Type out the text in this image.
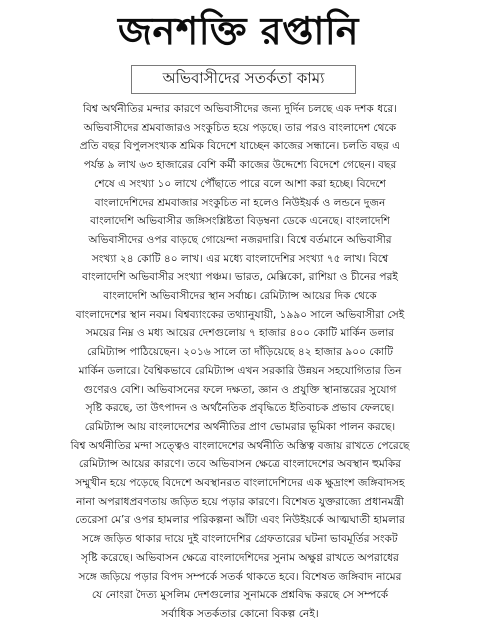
জনশক্তি রপ্তানি
অভিবাসীদের সতর্কতা কাম্য
বিশ্ব অর্থনীতির মন্দার কারণে অভিবাসীদের জন্য দুর্দিন চলছে এক দশক ধরে।
অভিবাসীদের শ্রমবাজারও সংকুচিত হয়ে পড়ছে। তার পরও বাংলাদেশ থেকে
প্রতি বছর বিপুলসংখ্যক শ্রমিক বিদেশে যাচ্ছেন কাজের সন্ধানে। চলতি বছর এ
পর্যন্ত ৯ লাখ ৬৩ হাজারের বেশি কর্মী কাজের উদ্দেশ্যে বিদেশে গেছেন। বছর
শেষে এ সংখ্যা ১০ লাখে পৌঁছাতে পারে বলে আশা করা হচ্ছে। বিদেশে
বাংলাদেশিদের শ্রমবাজার সংকুচিত না হলেও নিউইয়র্ক ও লন্ডনে দুজন
বাংলাদেশি অভিবাসীর জঙ্গিসংশ্লিষ্টতা বিড়ম্বনা ডেকে এনেছে। বাংলাদেশি
অভিবাসীদের ওপর বাড়ছে গোয়েন্দা নজরদারি। বিশ্বে বর্তমানে অভিবাসীর
সংখ্যা ২৪ কোটি ৪০ লাখ। এর মধ্যে বাংলাদেশির সংখ্যা ৭৫ লাখ। বিশ্বে
বাংলাদেশি অভিবাসীর সংখ্যা পঞ্চম। ভারত, মেক্সিকো, রাশিয়া ও চীনের পরই
বাংলাদেশি অভিবাসীদের স্থান সর্বাচ্চ। রেমিট্যান্স আয়ের দিক থেকে
বাংলাদেশের স্থান নবম। বিশ্বব্যাংকের তথ্যানুযায়ী, ১৯৯০ সালে অভিবাসীরা সেই
সময়ের নিম্ন ও মধ্য আয়ের দেশগুলোয় ৭ হাজার ৪০০ কোটি মার্কিন ডলার
রেমিট্যান্স পাঠিয়েছেন। ২০১৬ সালে তা দাঁড়িয়েছে ৪২ হাজার ৯০০ কোটি
মার্কিন ডলারে। বৈশ্বিকভাবে রেমিট্যান্স এখন সরকারি উন্নয়ন সহযোগিতার তিন
গুণেরও বেশি। অভিবাসনের ফলে দক্ষতা, জ্ঞান ও প্রযুক্তি স্থানান্তরের সুযোগ
সৃষ্টি করছে, তা উৎপাদন ও অর্থনৈতিক প্রবৃদ্ধিতে ইতিবাচক প্রভাব ফেলছে।
রেমিট্যান্স আয় বাংলাদেশের অর্থনীতির প্রাণ ভোমরার ভূমিকা পালন করছে।
বিশ্ব অর্থনীতির মন্দা সত্ত্বেও বাংলাদেশের অর্থনীতি অস্তিত্ব বজায় রাখতে পেরেছে
রেমিট্যান্স আয়ের কারণে। তবে অভিবাসন ক্ষেত্রে বাংলাদেশের অবস্থান হুমকির
সম্মুখীন হয়ে পড়েছে বিদেশে অবস্থানরত বাংলাদেশিদের এক ক্ষুদ্রাংশ জঙ্গিবাদসহ
নানা অপরাধপ্রবণতায় জড়িত হয়ে পড়ার কারণে। বিশেষত যুক্তরাজ্যে প্রধানমন্ত্রী
তেরেসা মে’র ওপর হামলার পরিকল্পনা আঁটা এবং নিউইয়র্কে আত্মঘাতী হামলার
সঙ্গে জড়িত থাকার দায়ে দুই বাংলাদেশির গ্রেফতারের ঘটনা ভাবমূর্তির সংকট
সৃষ্টি করেছে। অভিবাসন ক্ষেত্রে বাংলাদেশিদের সুনাম অক্ষুণ্ণ রাখতে অপরাধের
সঙ্গে জড়িয়ে পড়ার বিপদ সম্পর্কে সতর্ক থাকতে হবে। বিশেষত জঙ্গিবাদ নামের
যে নোংরা দৈত্য মুসলিম দেশগুলোর সুনামকে প্রশ্নবিদ্ধ করছে সে সম্পর্কে
সর্বাধিক সতর্কতার কোনো বিকল্প নেই।
